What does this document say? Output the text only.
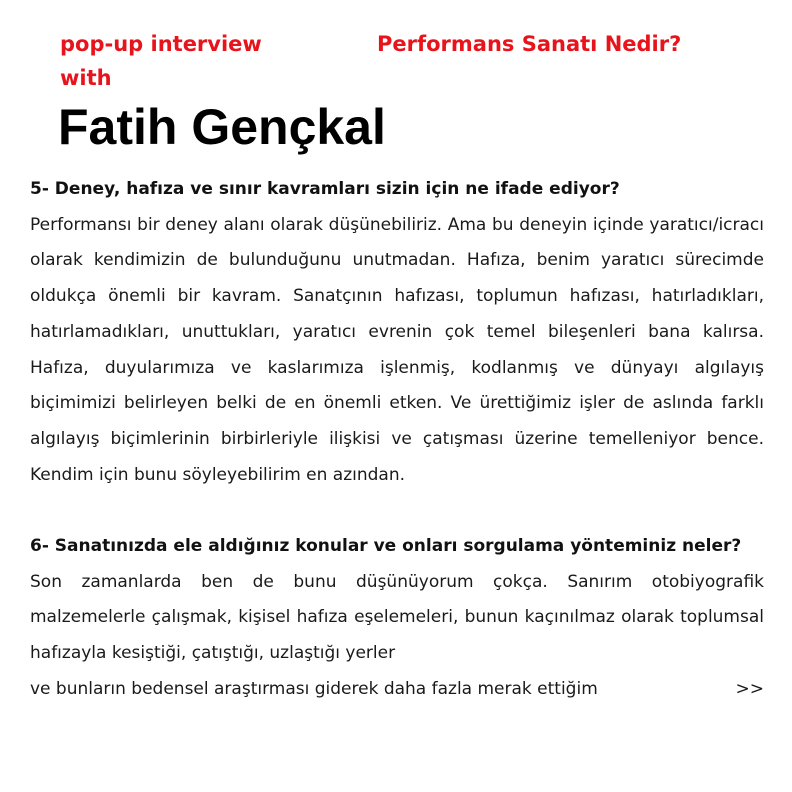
pop-up interview
with
Performans Sanatı Nedir?
Fatih Gençkal

5- Deney, hafıza ve sınır kavramları sizin için ne ifade ediyor?

Performansı bir deney alanı olarak düşünebiliriz. Ama bu deneyin içinde yaratıcı/icracı olarak kendimizin de bulunduğunu unutmadan. Hafıza, benim yaratıcı sürecimde oldukça önemli bir kavram. Sanatçının hafızası, toplumun hafızası, hatırladıkları, hatırlamadıkları, unuttukları, yaratıcı evrenin çok temel bileşenleri bana kalırsa. Hafıza, duyularımıza ve kaslarımıza işlenmiş, kodlanmış ve dünyayı algılayış biçimimizi belirleyen belki de en önemli etken. Ve ürettiğimiz işler de aslında farklı algılayış biçimlerinin birbirleriyle ilişkisi ve çatışması üzerine temelleniyor bence. Kendim için bunu söyleyebilirim en azından.

6- Sanatınızda ele aldığınız konular ve onları sorgulama yönteminiz neler?

Son zamanlarda ben de bunu düşünüyorum çokça. Sanırım otobiyografik malzemelerle çalışmak, kişisel hafıza eşelemeleri, bunun kaçınılmaz olarak toplumsal hafızayla kesiştiği, çatıştığı, uzlaştığı yerler

ve bunların bedensel araştırması giderek daha fazla merak ettiğim	>>
